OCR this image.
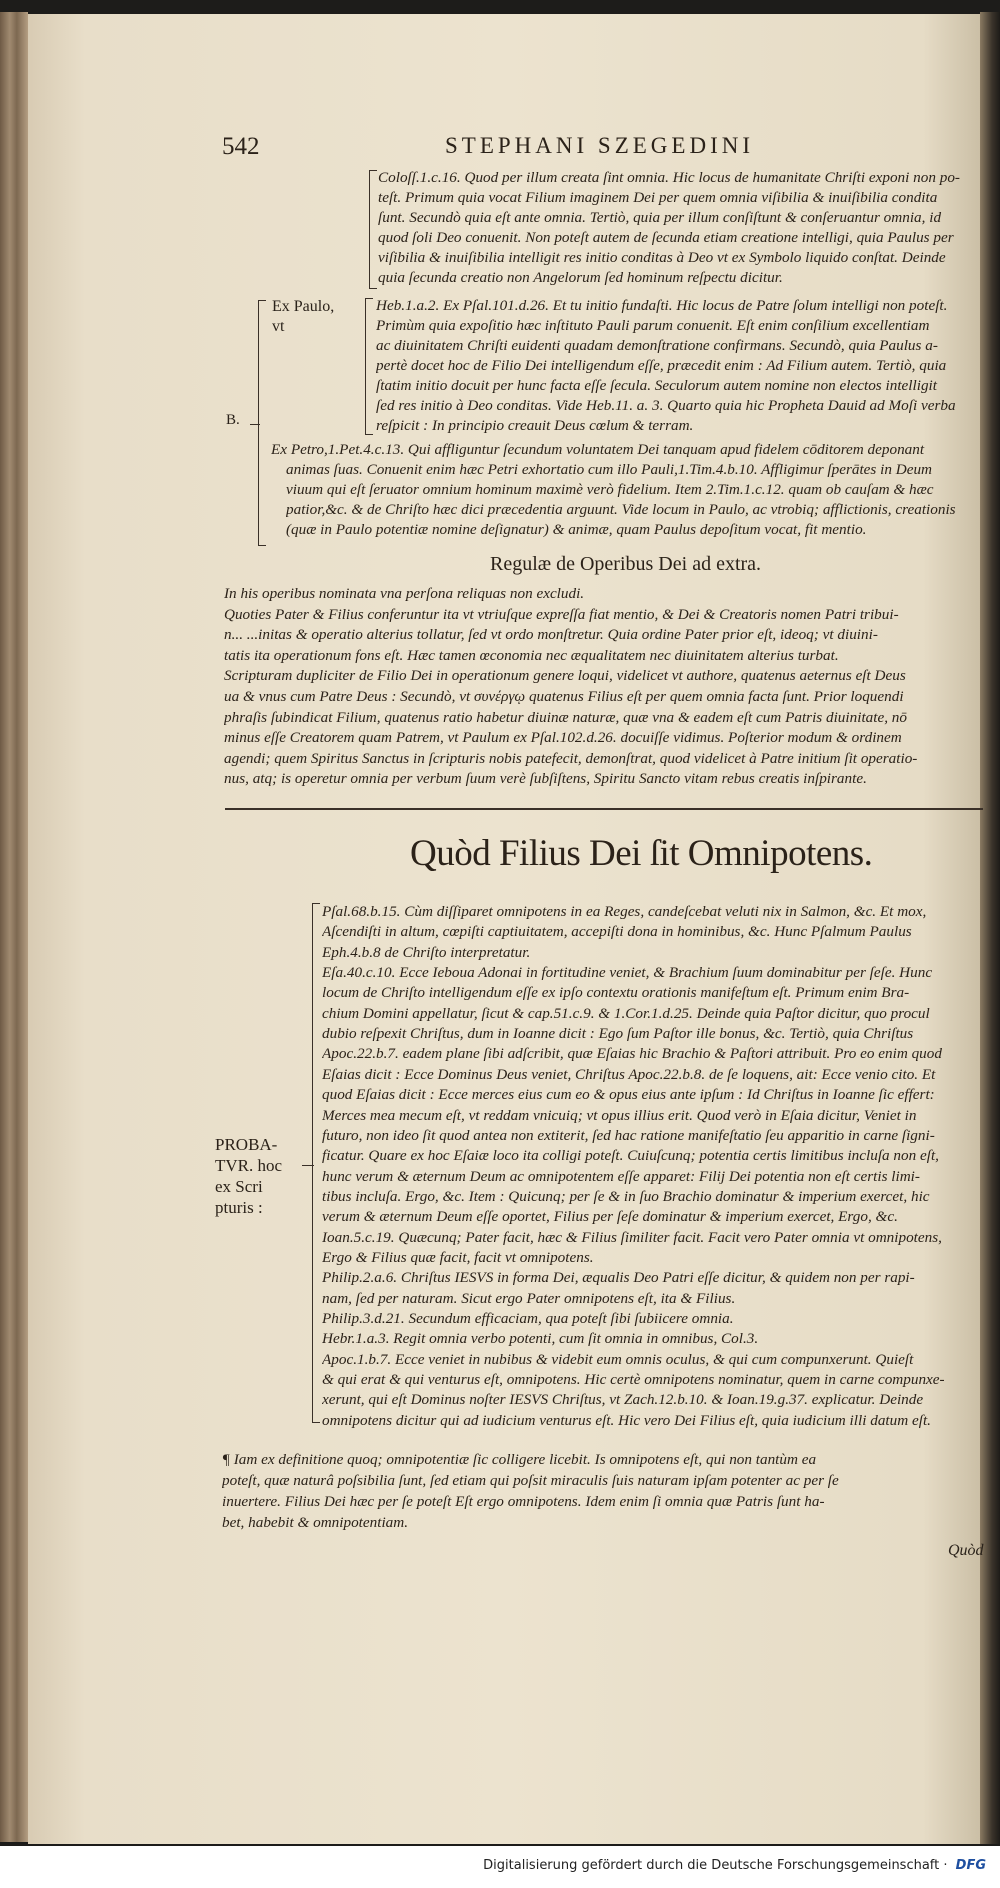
542	STEPHANI SZEGEDINI
B.
Ex Paulo,
vt
Coloſſ.1.c.16. Quod per illum creata ſint omnia. Hic locus de humanitate Chriſti exponi non po-
teſt. Primum quia vocat Filium imaginem Dei per quem omnia viſibilia & inuiſibilia condita
ſunt. Secundò quia eſt ante omnia. Tertiò, quia per illum conſiſtunt & conſeruantur omnia, id
quod ſoli Deo conuenit. Non poteſt autem de ſecunda etiam creatione intelligi, quia Paulus per
viſibilia & inuiſibilia intelligit res initio conditas à Deo vt ex Symbolo liquido conſtat. Deinde
quia ſecunda creatio non Angelorum ſed hominum reſpectu dicitur.
Heb.1.a.2. Ex Pſal.101.d.26. Et tu initio fundaſti. Hic locus de Patre ſolum intelligi non poteſt.
Primùm quia expoſitio hæc inſtituto Pauli parum conuenit. Eſt enim conſilium excellentiam
ac diuinitatem Chriſti euidenti quadam demonſtratione confirmans. Secundò, quia Paulus a-
pertè docet hoc de Filio Dei intelligendum eſſe, præcedit enim : Ad Filium autem. Tertiò, quia
ſtatim initio docuit per hunc facta eſſe ſecula. Seculorum autem nomine non electos intelligit
ſed res initio à Deo conditas. Vide Heb.11. a. 3. Quarto quia hic Propheta Dauid ad Moſi verba
reſpicit : In principio creauit Deus cœlum & terram.
Ex Petro,1.Pet.4.c.13. Qui affliguntur ſecundum voluntatem Dei tanquam apud fidelem cōditorem deponant
animas ſuas. Conuenit enim hæc Petri exhortatio cum illo Pauli,1.Tim.4.b.10. Affligimur ſperātes in Deum
viuum qui eſt ſeruator omnium hominum maximè verò fidelium. Item 2.Tim.1.c.12. quam ob cauſam & hæc
patior,&c. & de Chriſto hæc dici præcedentia arguunt. Vide locum in Paulo, ac vtrobiq; afflictionis, creationis
(quæ in Paulo potentiæ nomine deſignatur) & animæ, quam Paulus depoſitum vocat, fit mentio.
Regulæ de Operibus Dei ad extra.
In his operibus nominata vna perſona reliquas non excludi.
Quoties Pater & Filius conferuntur ita vt vtriuſque expreſſa fiat mentio, & Dei & Creatoris nomen Patri tribui-
n... ...initas & operatio alterius tollatur, ſed vt ordo monſtretur. Quia ordine Pater prior eſt, ideoq; vt diuini-
tatis ita operationum fons eſt. Hæc tamen œconomia nec æqualitatem nec diuinitatem alterius turbat.
Scripturam dupliciter de Filio Dei in operationum genere loqui, videlicet vt authore, quatenus aeternus eſt Deus
ua & vnus cum Patre Deus : Secundò, vt συνέργῳ quatenus Filius eſt per quem omnia facta ſunt. Prior loquendi
phraſis ſubindicat Filium, quatenus ratio habetur diuinæ naturæ, quæ vna & eadem eſt cum Patris diuinitate, nō
minus eſſe Creatorem quam Patrem, vt Paulum ex Pſal.102.d.26. docuiſſe vidimus. Poſterior modum & ordinem
agendi; quem Spiritus Sanctus in ſcripturis nobis patefecit, demonſtrat, quod videlicet à Patre initium ſit operatio-
nus, atq; is operetur omnia per verbum ſuum verè ſubſiſtens, Spiritu Sancto vitam rebus creatis inſpirante.
Quòd Filius Dei ſit Omnipotens.
PROBA-
TVR. hoc
ex Scri
pturis :
Pſal.68.b.15. Cùm diſſiparet omnipotens in ea Reges, candeſcebat veluti nix in Salmon, &c. Et mox,
Aſcendiſti in altum, cœpiſti captiuitatem, accepiſti dona in hominibus, &c. Hunc Pſalmum Paulus
Eph.4.b.8 de Chriſto interpretatur.
Eſa.40.c.10. Ecce Ieboua Adonai in fortitudine veniet, & Brachium ſuum dominabitur per ſeſe. Hunc
locum de Chriſto intelligendum eſſe ex ipſo contextu orationis manifeſtum eſt. Primum enim Bra-
chium Domini appellatur, ſicut & cap.51.c.9. & 1.Cor.1.d.25. Deinde quia Paſtor dicitur, quo procul
dubio reſpexit Chriſtus, dum in Ioanne dicit : Ego ſum Paſtor ille bonus, &c. Tertiò, quia Chriſtus
Apoc.22.b.7. eadem plane ſibi adſcribit, quæ Eſaias hic Brachio & Paſtori attribuit. Pro eo enim quod
Eſaias dicit : Ecce Dominus Deus veniet, Chriſtus Apoc.22.b.8. de ſe loquens, ait: Ecce venio cito. Et
quod Eſaias dicit : Ecce merces eius cum eo & opus eius ante ipſum : Id Chriſtus in Ioanne ſic effert:
Merces mea mecum eſt, vt reddam vnicuiq; vt opus illius erit. Quod verò in Eſaia dicitur, Veniet in
futuro, non ideo ſit quod antea non extiterit, ſed hac ratione manifeſtatio ſeu apparitio in carne ſigni-
ficatur. Quare ex hoc Eſaiæ loco ita colligi poteſt. Cuiuſcunq; potentia certis limitibus incluſa non eſt,
hunc verum & æternum Deum ac omnipotentem eſſe apparet: Filij Dei potentia non eſt certis limi-
tibus incluſa. Ergo, &c. Item : Quicunq; per ſe & in ſuo Brachio dominatur & imperium exercet, hic
verum & æternum Deum eſſe oportet, Filius per ſeſe dominatur & imperium exercet, Ergo, &c.
Ioan.5.c.19. Quæcunq; Pater facit, hæc & Filius ſimiliter facit. Facit vero Pater omnia vt omnipotens,
Ergo & Filius quæ facit, facit vt omnipotens.
Philip.2.a.6. Chriſtus IESVS in forma Dei, æqualis Deo Patri eſſe dicitur, & quidem non per rapi-
nam, ſed per naturam. Sicut ergo Pater omnipotens eſt, ita & Filius.
Philip.3.d.21. Secundum efficaciam, qua poteſt ſibi ſubiicere omnia.
Hebr.1.a.3. Regit omnia verbo potenti, cum ſit omnia in omnibus, Col.3.
Apoc.1.b.7. Ecce veniet in nubibus & videbit eum omnis oculus, & qui cum compunxerunt. Quieſt
& qui erat & qui venturus eſt, omnipotens. Hic certè omnipotens nominatur, quem in carne compunxe-
xerunt, qui eſt Dominus noſter IESVS Chriſtus, vt Zach.12.b.10. & Ioan.19.g.37. explicatur. Deinde
omnipotens dicitur qui ad iudicium venturus eſt. Hic vero Dei Filius eſt, quia iudicium illi datum eſt.
¶ Iam ex definitione quoq; omnipotentiæ ſic colligere licebit. Is omnipotens eſt, qui non tantùm ea
poteſt, quæ naturâ poſsibilia ſunt, ſed etiam qui poſsit miraculis ſuis naturam ipſam potenter ac per ſe
inuertere. Filius Dei hæc per ſe poteſt Eſt ergo omnipotens. Idem enim ſi omnia quæ Patris ſunt ha-
bet, habebit & omnipotentiam.
Quòd
Digitalisierung gefördert durch die Deutsche Forschungsgemeinschaft · DFG
